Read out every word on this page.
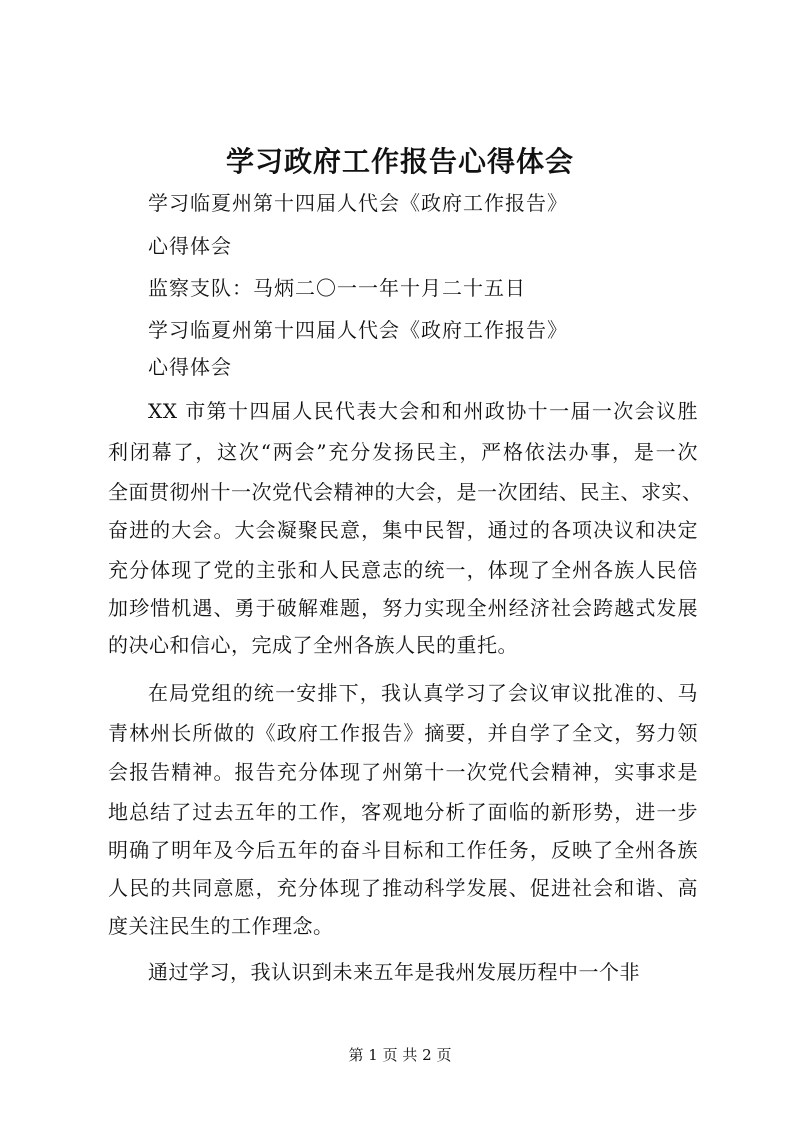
学习政府工作报告心得体会
学习临夏州第十四届人代会《政府工作报告》
心得体会
监察支队：马炳二〇一一年十月二十五日
学习临夏州第十四届人代会《政府工作报告》
心得体会
XX 市第十四届人民代表大会和和州政协十一届一次会议胜
利闭幕了，这次“两会”充分发扬民主，严格依法办事，是一次
全面贯彻州十一次党代会精神的大会，是一次团结、民主、求实、
奋进的大会。大会凝聚民意，集中民智，通过的各项决议和决定
充分体现了党的主张和人民意志的统一，体现了全州各族人民倍
加珍惜机遇、勇于破解难题，努力实现全州经济社会跨越式发展
的决心和信心，完成了全州各族人民的重托。
在局党组的统一安排下，我认真学习了会议审议批准的、马
青林州长所做的《政府工作报告》摘要，并自学了全文，努力领
会报告精神。报告充分体现了州第十一次党代会精神，实事求是
地总结了过去五年的工作，客观地分析了面临的新形势，进一步
明确了明年及今后五年的奋斗目标和工作任务，反映了全州各族
人民的共同意愿，充分体现了推动科学发展、促进社会和谐、高
度关注民生的工作理念。
通过学习，我认识到未来五年是我州发展历程中一个非
第 1 页 共 2 页
